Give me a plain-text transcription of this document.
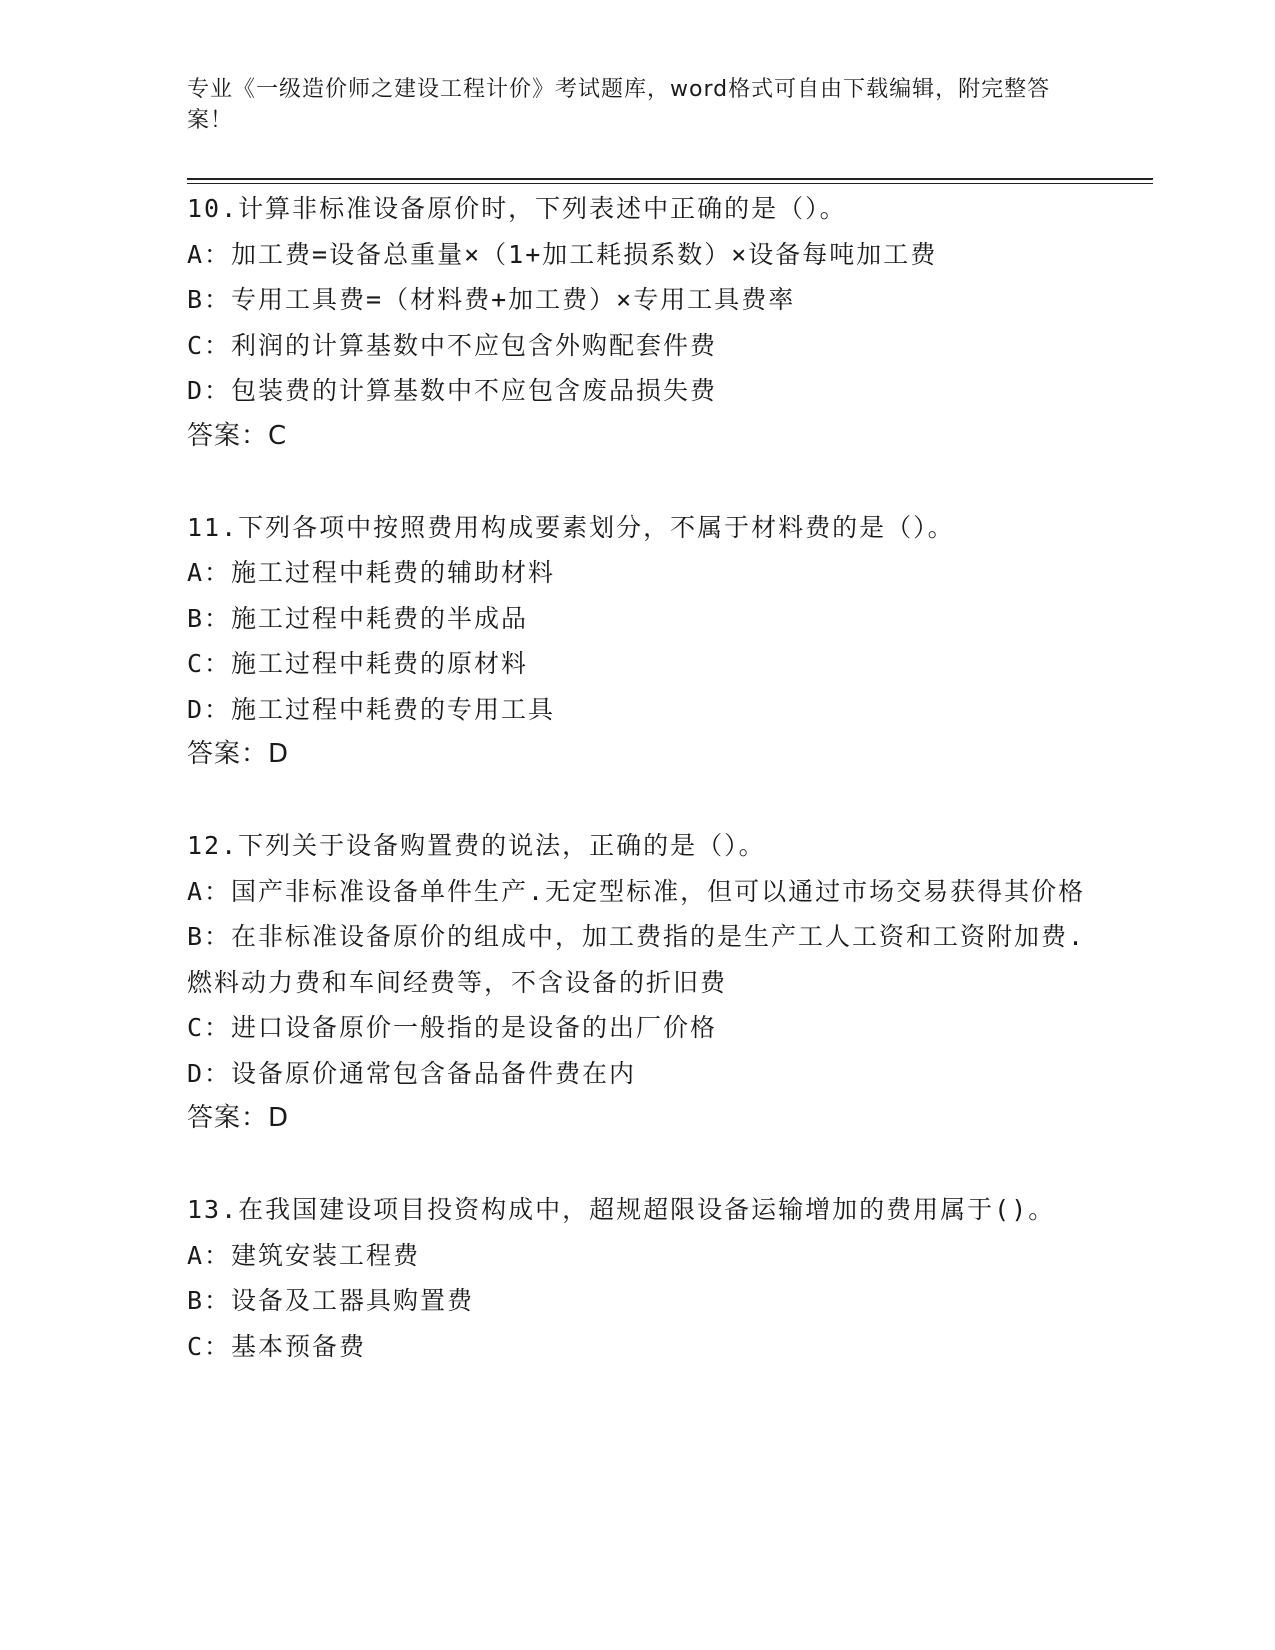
专业《一级造价师之建设工程计价》考试题库，word格式可自由下载编辑，附完整答案！

10.计算非标准设备原价时，下列表述中正确的是（）。

A：加工费=设备总重量×（1+加工耗损系数）×设备每吨加工费

B：专用工具费=（材料费+加工费）×专用工具费率

C：利润的计算基数中不应包含外购配套件费

D：包装费的计算基数中不应包含废品损失费

答案：C

11.下列各项中按照费用构成要素划分，不属于材料费的是（）。

A：施工过程中耗费的辅助材料

B：施工过程中耗费的半成品

C：施工过程中耗费的原材料

D：施工过程中耗费的专用工具

答案：D

12.下列关于设备购置费的说法，正确的是（）。

A：国产非标准设备单件生产.无定型标准，但可以通过市场交易获得其价格

B：在非标准设备原价的组成中，加工费指的是生产工人工资和工资附加费.燃料动力费和车间经费等，不含设备的折旧费

C：进口设备原价一般指的是设备的出厂价格

D：设备原价通常包含备品备件费在内

答案：D

13.在我国建设项目投资构成中，超规超限设备运输增加的费用属于()。

A：建筑安装工程费

B：设备及工器具购置费

C：基本预备费
